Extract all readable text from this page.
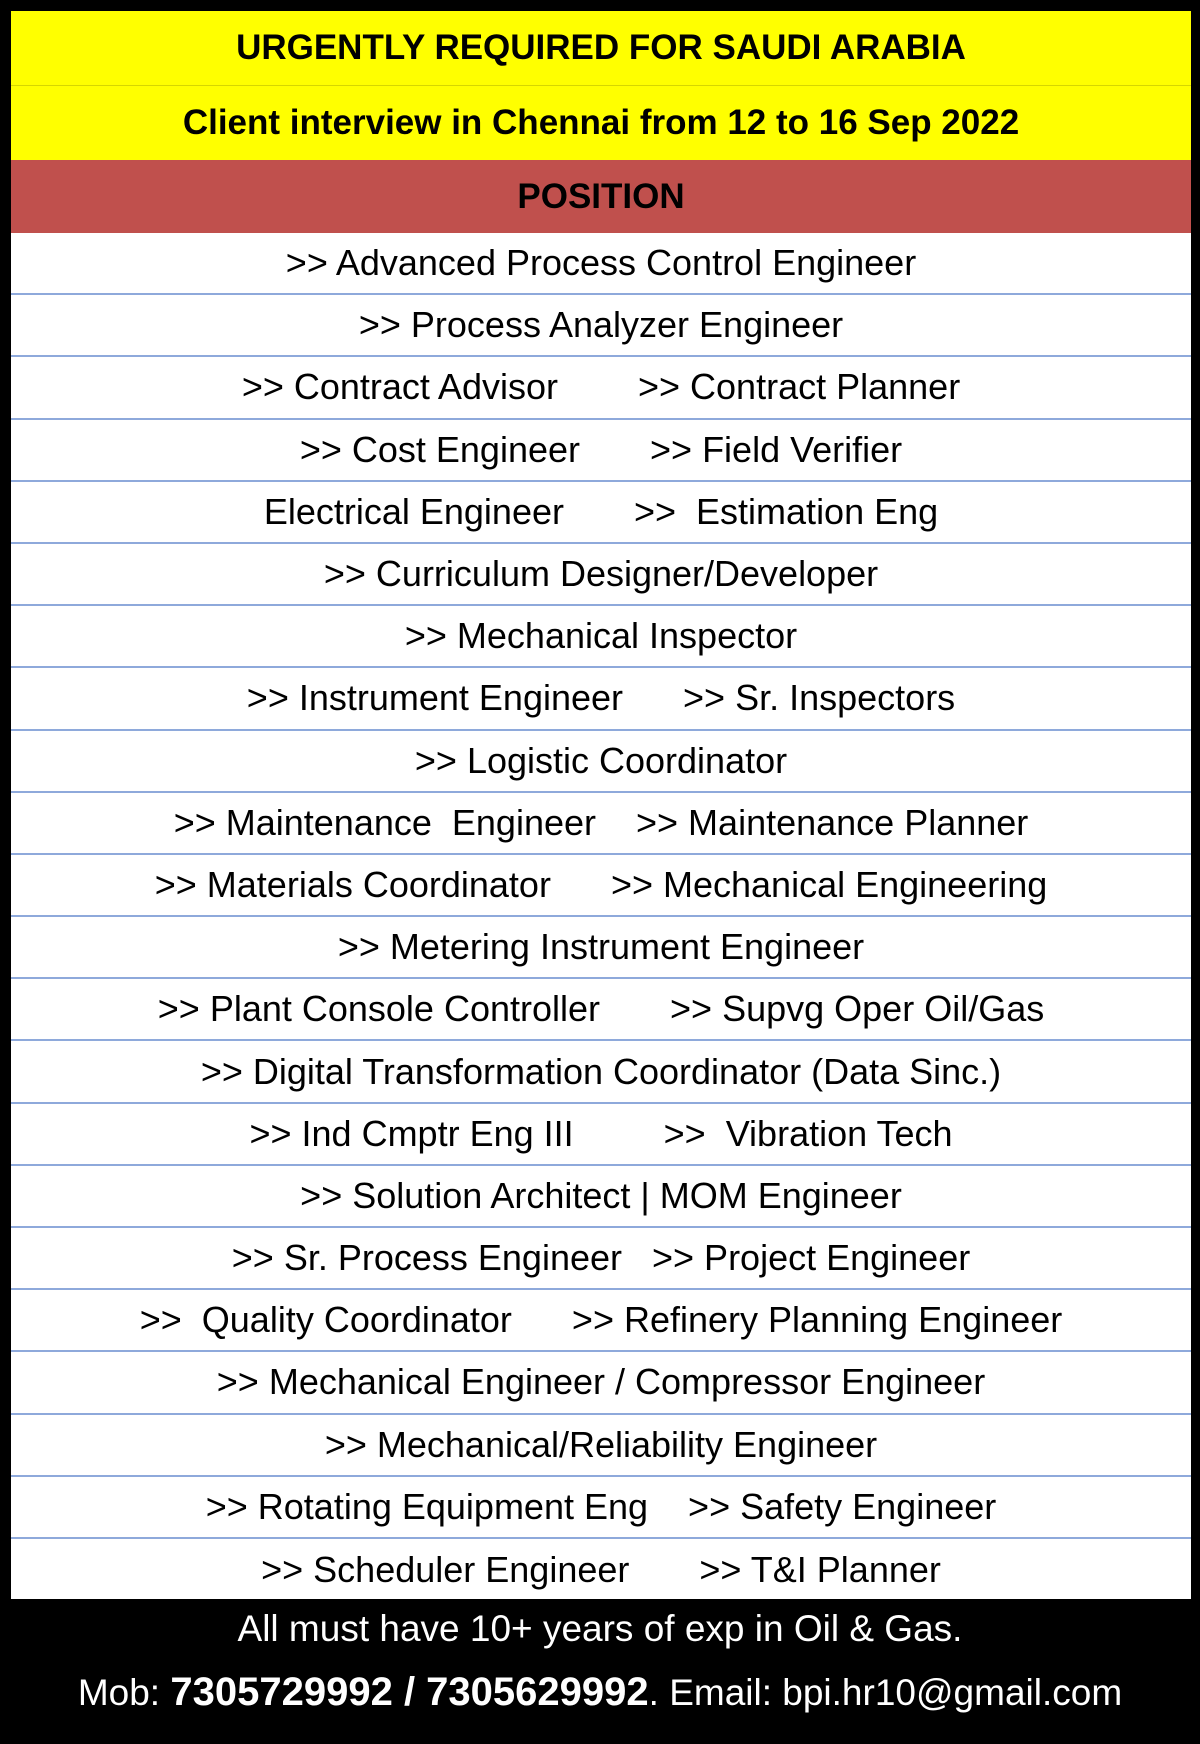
URGENTLY REQUIRED FOR SAUDI ARABIA
Client interview in Chennai from 12 to 16 Sep 2022
POSITION
>> Advanced Process Control Engineer
>> Process Analyzer Engineer
>> Contract Advisor        >> Contract Planner
>> Cost Engineer       >> Field Verifier
Electrical Engineer       >>  Estimation Eng
>> Curriculum Designer/Developer
>> Mechanical Inspector
>> Instrument Engineer      >> Sr. Inspectors
>> Logistic Coordinator
>> Maintenance  Engineer    >> Maintenance Planner
>> Materials Coordinator      >> Mechanical Engineering
>> Metering Instrument Engineer
>> Plant Console Controller       >> Supvg Oper Oil/Gas
>> Digital Transformation Coordinator (Data Sinc.)
>> Ind Cmptr Eng III         >>  Vibration Tech
>> Solution Architect | MOM Engineer
>> Sr. Process Engineer   >> Project Engineer
>>  Quality Coordinator      >> Refinery Planning Engineer
>> Mechanical Engineer / Compressor Engineer
>> Mechanical/Reliability Engineer
>> Rotating Equipment Eng    >> Safety Engineer
>> Scheduler Engineer       >> T&I Planner
All must have 10+ years of exp in Oil & Gas.
Mob: 7305729992 / 7305629992. Email: bpi.hr10@gmail.com
